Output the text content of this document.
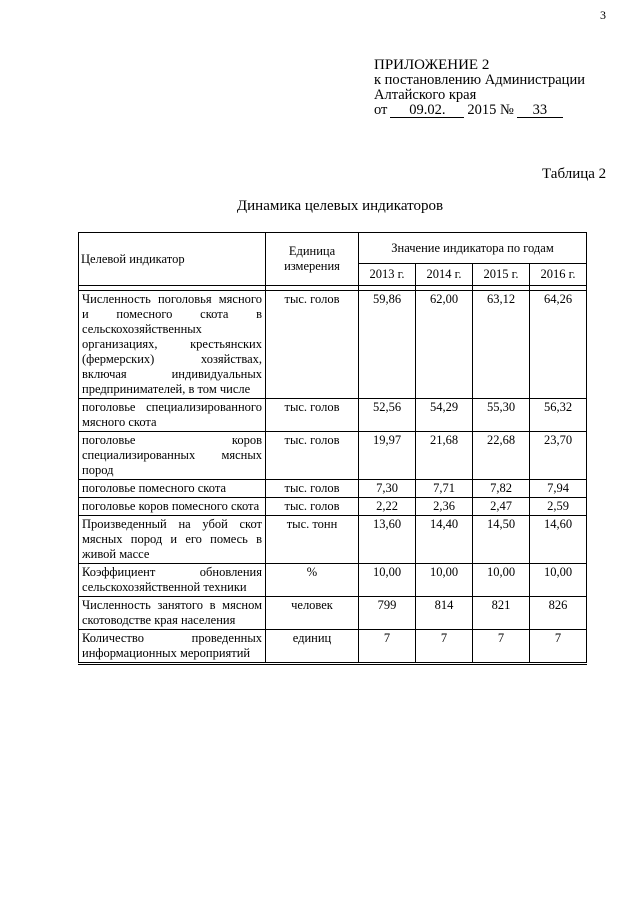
3
ПРИЛОЖЕНИЕ 2
к постановлению Администрации
Алтайского края
от	09.02.	2015 №	33
Таблица 2
Динамика целевых индикаторов
Целевой индикатор	Единица измерения	Значение индикатора по годам			
		2013 г.	2014 г.	2015 г.	2016 г.

Численность поголовья мясного и помесного скота в сельскохозяйственных организациях, крестьянских (фермерских) хозяйствах, включая индивидуальных предпринимателей, в том числе	тыс. голов	59,86	62,00	63,12	64,26
поголовье специализированного мясного скота	тыс. голов	52,56	54,29	55,30	56,32
поголовье коров специализированных мясных пород	тыс. голов	19,97	21,68	22,68	23,70
поголовье помесного скота	тыс. голов	7,30	7,71	7,82	7,94
поголовье коров помесного скота	тыс. голов	2,22	2,36	2,47	2,59
Произведенный на убой скот мясных пород и его помесь в живой массе	тыс. тонн	13,60	14,40	14,50	14,60
Коэффициент обновления сельскохозяйственной техники	%	10,00	10,00	10,00	10,00
Численность занятого в мясном скотоводстве края населения	человек	799	814	821	826
Количество проведенных информационных мероприятий	единиц	7	7	7	7
